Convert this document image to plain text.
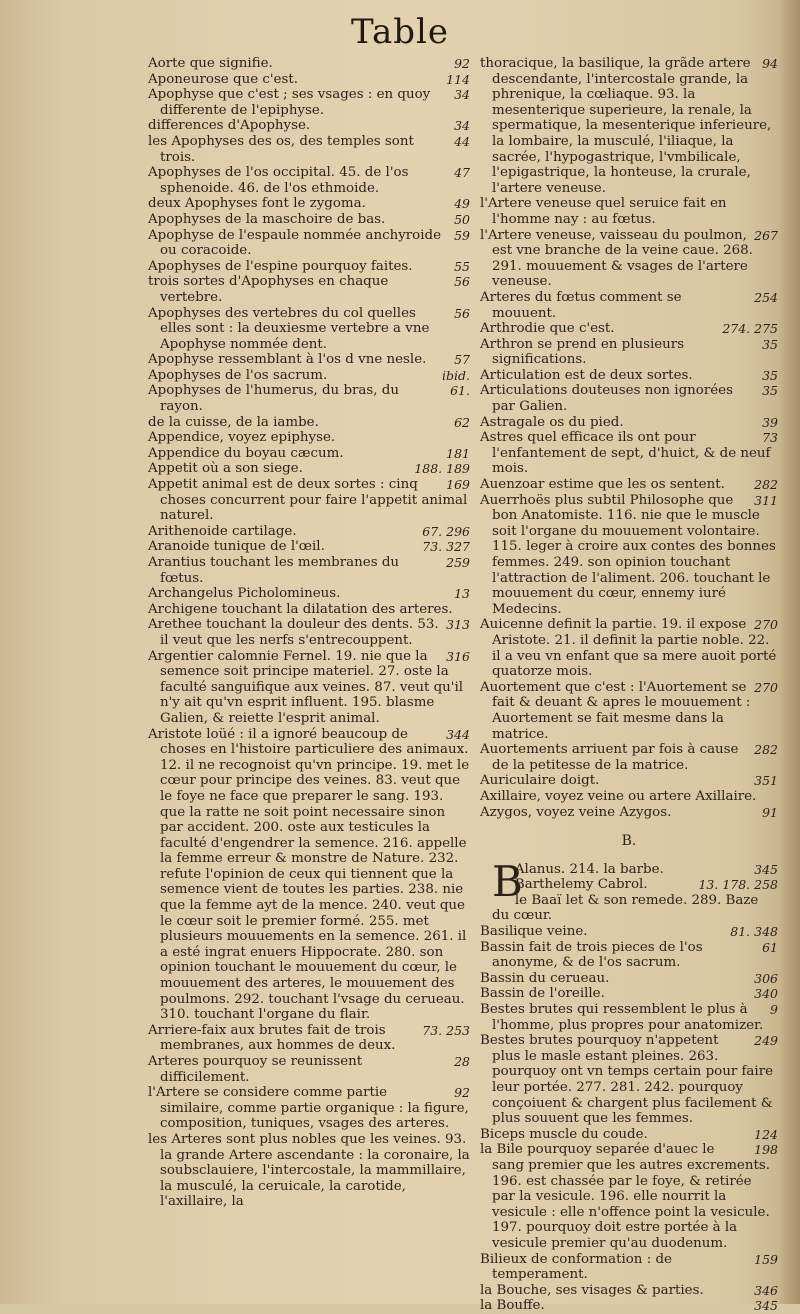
Table

92
Aorte que signifie.

114
Aponeurose que c'est.

34
Apophyse que c'est ; ses vsages : en quoy differente de l'epiphyse.

34
differences d'Apophyse.

44
les Apophyses des os, des temples sont trois.

47
Apophyses de l'os occipital. 45. de l'os sphenoide. 46. de l'os ethmoide.

49
deux Apophyses font le zygoma.

50
Apophyses de la maschoire de bas.

59
Apophyse de l'espaule nommée anchyroide ou coracoide.

55
Apophyses de l'espine pourquoy faites.

56
trois sortes d'Apophyses en chaque vertebre.

56
Apophyses des vertebres du col quelles elles sont : la deuxiesme vertebre a vne Apophyse nommée dent.

57
Apophyse ressemblant à l'os d vne nesle.

ibid.
Apophyses de l'os sacrum.

61.
Apophyses de l'humerus, du bras, du rayon.

62
de la cuisse, de la iambe.

Appendice, voyez epiphyse.

181
Appendice du boyau cæcum.

188. 189
Appetit où a son siege.

169
Appetit animal est de deux sortes : cinq choses concurrent pour faire l'appetit animal naturel.

67. 296
Arithenoide cartilage.

73. 327
Aranoide tunique de l'œil.

259
Arantius touchant les membranes du fœtus.

13
Archangelus Picholomineus.

Archigene touchant la dilatation des arteres.

313
Arethee touchant la douleur des dents. 53. il veut que les nerfs s'entrecouppent.

316
Argentier calomnie Fernel. 19. nie que la semence soit principe materiel. 27. oste la faculté sanguifique aux veines. 87. veut qu'il n'y ait qu'vn esprit influent. 195. blasme Galien, & reiette l'esprit animal.

344
Aristote loüé : il a ignoré beaucoup de choses en l'histoire particuliere des animaux. 12. il ne recognoist qu'vn principe. 19. met le cœur pour principe des veines. 83. veut que le foye ne face que preparer le sang. 193. que la ratte ne soit point necessaire sinon par accident. 200. oste aux testicules la faculté d'engendrer la semence. 216. appelle la femme erreur & monstre de Nature. 232. refute l'opinion de ceux qui tiennent que la semence vient de toutes les parties. 238. nie que la femme ayt de la mence. 240. veut que le cœur soit le premier formé. 255. met plusieurs mouuements en la semence. 261. il a esté ingrat enuers Hippocrate. 280. son opinion touchant le mouuement du cœur, le mouuement des arteres, le mouuement des poulmons. 292. touchant l'vsage du cerueau. 310. touchant l'organe du flair.

73. 253
Arriere-faix aux brutes fait de trois membranes, aux hommes de deux.

28
Arteres pourquoy se reunissent difficilement.

92
l'Artere se considere comme partie similaire, comme partie organique : la figure, composition, tuniques, vsages des arteres.

les Arteres sont plus nobles que les veines. 93. la grande Artere ascendante : la coronaire, la soubsclauiere, l'intercostale, la mammillaire, la musculé, la ceruicale, la carotide, l'axillaire, la

94
thoracique, la basilique, la grãde artere descendante, l'intercostale grande, la phrenique, la cœliaque. 93. la mesenterique superieure, la renale, la spermatique, la mesenterique inferieure, la lombaire, la musculé, l'iliaque, la sacrée, l'hypogastrique, l'vmbilicale, l'epigastrique, la honteuse, la crurale, l'artere veneuse.

l'Artere veneuse quel seruice fait en l'homme nay : au fœtus.

267
l'Artere veneuse, vaisseau du poulmon, est vne branche de la veine caue. 268. 291. mouuement & vsages de l'artere veneuse.

254
Arteres du fœtus comment se mouuent.

274. 275
Arthrodie que c'est.

35
Arthron se prend en plusieurs significations.

35
Articulation est de deux sortes.

35
Articulations douteuses non ignorées par Galien.

39
Astragale os du pied.

73
Astres quel efficace ils ont pour l'enfantement de sept, d'huict, & de neuf mois.

282
Auenzoar estime que les os sentent.

311
Auerrhoës plus subtil Philosophe que bon Anatomiste. 116. nie que le muscle soit l'organe du mouuement volontaire. 115. leger à croire aux contes des bonnes femmes. 249. son opinion touchant l'attraction de l'aliment. 206. touchant le mouuement du cœur, ennemy iuré Medecins.

270
Auicenne definit la partie. 19. il expose Aristote. 21. il definit la partie noble. 22. il a veu vn enfant que sa mere auoit porté quatorze mois.

270
Auortement que c'est : l'Auortement se fait & deuant & apres le mouuement : Auortement se fait mesme dans la matrice.

282
Auortements arriuent par fois à cause de la petitesse de la matrice.

351
Auriculaire doigt.

Axillaire, voyez veine ou artere Axillaire.

91
Azygos, voyez veine Azygos.

B.

B	345
Alanus. 214. la barbe.

13. 178. 258
Barthelemy Cabrol.

le Baaï let & son remede. 289. Baze du cœur.

81. 348
Basilique veine.

61
Bassin fait de trois pieces de l'os anonyme, & de l'os sacrum.

306
Bassin du cerueau.

340
Bassin de l'oreille.

9
Bestes brutes qui ressemblent le plus à l'homme, plus propres pour anatomizer.

249
Bestes brutes pourquoy n'appetent plus le masle estant pleines. 263. pourquoy ont vn temps certain pour faire leur portée. 277. 281. 242. pourquoy conçoiuent & chargent plus facilement & plus souuent que les femmes.

124
Biceps muscle du coude.

198
la Bile pourquoy separée d'auec le sang premier que les autres excrements. 196. est chassée par le foye, & retirée par la vesicule. 196. elle nourrit la vesicule : elle n'offence point la vesicule. 197. pourquoy doit estre portée à la vesicule premier qu'au duodenum.

159
Bilieux de conformation : de temperament.

346
la Bouche, ses visages & parties.

345
la Bouffe.
